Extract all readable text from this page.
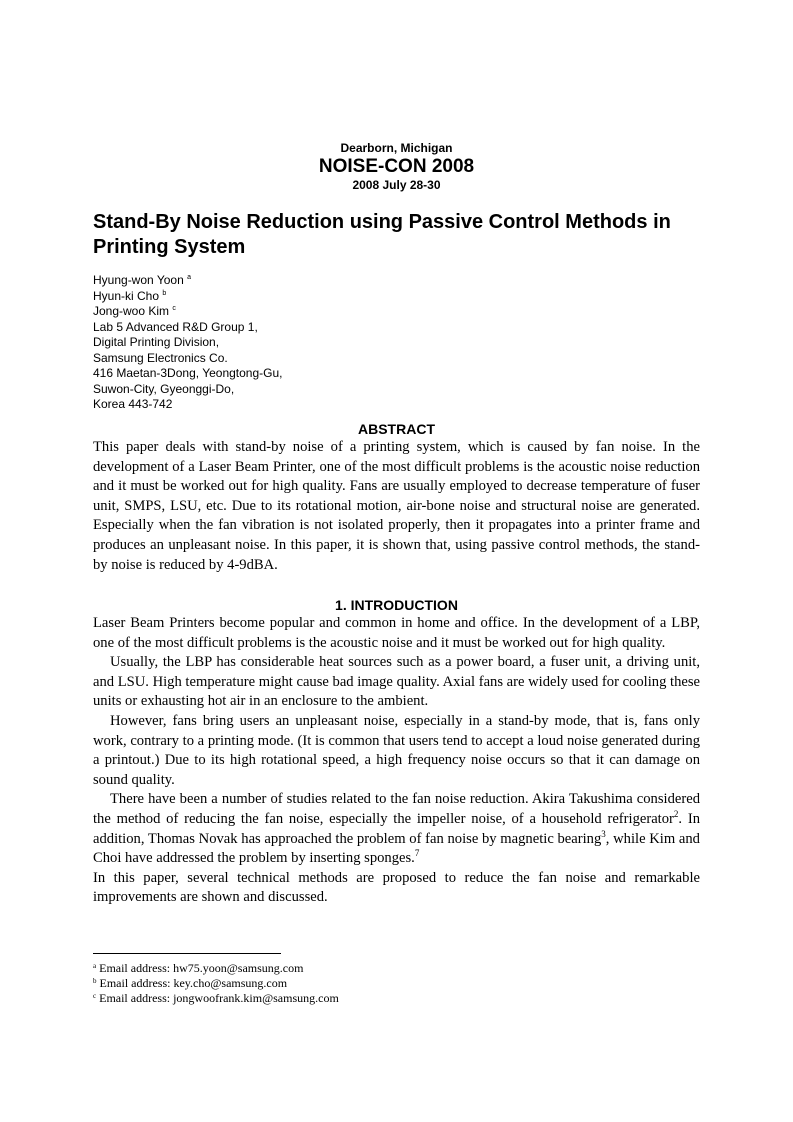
Dearborn, Michigan
NOISE-CON 2008
2008 July 28-30
Stand-By Noise Reduction using Passive Control Methods in Printing System
Hyung-won Yoon $^a$
Hyun-ki Cho $^b$
Jong-woo Kim $^c$
Lab 5 Advanced R&D Group 1,
Digital Printing Division,
Samsung Electronics Co.
416 Maetan-3Dong, Yeongtong-Gu,
Suwon-City, Gyeonggi-Do,
Korea 443-742
ABSTRACT

This paper deals with stand-by noise of a printing system, which is caused by fan noise. In the development of a Laser Beam Printer, one of the most difficult problems is the acoustic noise reduction and it must be worked out for high quality. Fans are usually employed to decrease temperature of fuser unit, SMPS, LSU, etc. Due to its rotational motion, air-bone noise and structural noise are generated. Especially when the fan vibration is not isolated properly, then it propagates into a printer frame and produces an unpleasant noise. In this paper, it is shown that, using passive control methods, the stand-by noise is reduced by 4-9dBA.

1. INTRODUCTION

Laser Beam Printers become popular and common in home and office. In the development of a LBP, one of the most difficult problems is the acoustic noise and it must be worked out for high quality.

Usually, the LBP has considerable heat sources such as a power board, a fuser unit, a driving unit, and LSU. High temperature might cause bad image quality. Axial fans are widely used for cooling these units or exhausting hot air in an enclosure to the ambient.

However, fans bring users an unpleasant noise, especially in a stand-by mode, that is, fans only work, contrary to a printing mode. (It is common that users tend to accept a loud noise generated during a printout.) Due to its high rotational speed, a high frequency noise occurs so that it can damage on sound quality.

There have been a number of studies related to the fan noise reduction. Akira Takushima considered the method of reducing the fan noise, especially the impeller noise, of a household refrigerator$^2$. In addition, Thomas Novak has approached the problem of fan noise by magnetic bearing$^3$, while Kim and Choi have addressed the problem by inserting sponges.$^7$

In this paper, several technical methods are proposed to reduce the fan noise and remarkable improvements are shown and discussed.

$^a$ Email address: hw75.yoon@samsung.com
$^b$ Email address: key.cho@samsung.com
$^c$ Email address: jongwoofrank.kim@samsung.com
